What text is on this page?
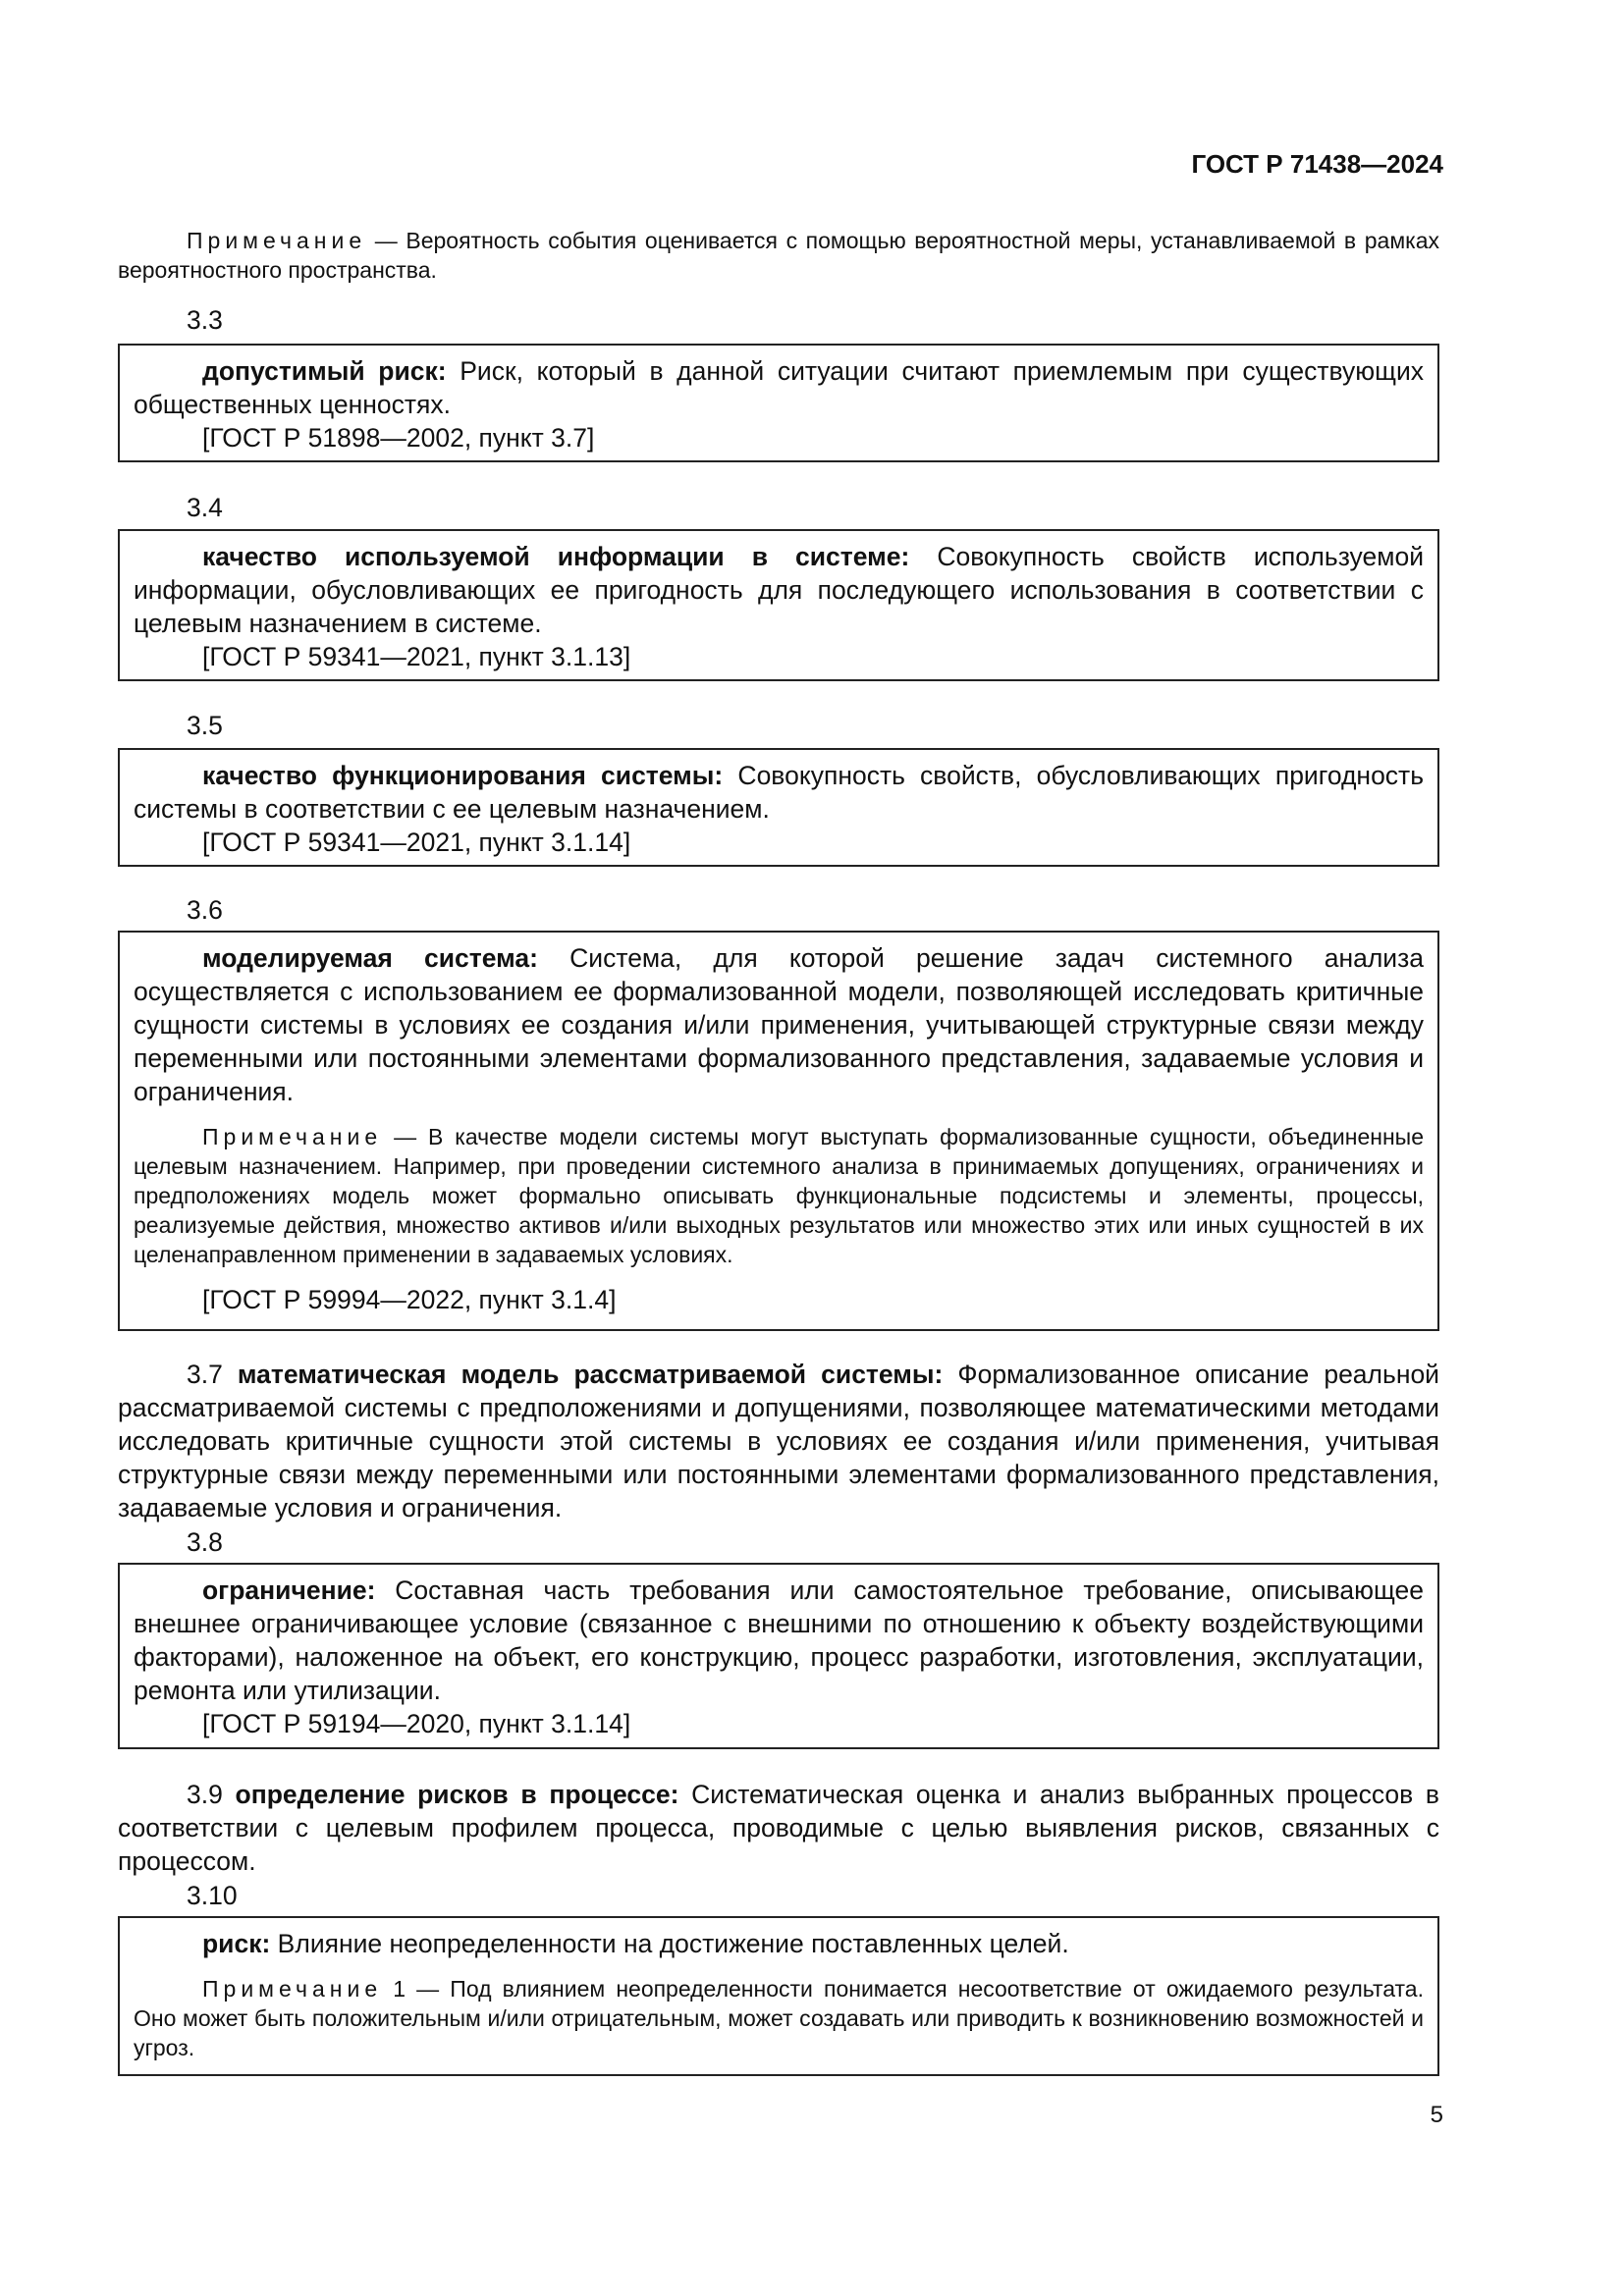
ГОСТ Р 71438—2024

Примечание — Вероятность события оценивается с помощью вероятностной меры, устанавливаемой в рамках вероятностного пространства.

3.3

допустимый риск: Риск, который в данной ситуации считают приемлемым при существующих общественных ценностях.

[ГОСТ Р 51898—2002, пункт 3.7]

3.4

качество используемой информации в системе: Совокупность свойств используемой информации, обусловливающих ее пригодность для последующего использования в соответствии с целевым назначением в системе.

[ГОСТ Р 59341—2021, пункт 3.1.13]

3.5

качество функционирования системы: Совокупность свойств, обусловливающих пригодность системы в соответствии с ее целевым назначением.

[ГОСТ Р 59341—2021, пункт 3.1.14]

3.6

моделируемая система: Система, для которой решение задач системного анализа осуществляется с использованием ее формализованной модели, позволяющей исследовать критичные сущности системы в условиях ее создания и/или применения, учитывающей структурные связи между переменными или постоянными элементами формализованного представления, задаваемые условия и ограничения.

Примечание — В качестве модели системы могут выступать формализованные сущности, объединенные целевым назначением. Например, при проведении системного анализа в принимаемых допущениях, ограничениях и предположениях модель может формально описывать функциональные подсистемы и элементы, процессы, реализуемые действия, множество активов и/или выходных результатов или множество этих или иных сущностей в их целенаправленном применении в задаваемых условиях.

[ГОСТ Р 59994—2022, пункт 3.1.4]

3.7 математическая модель рассматриваемой системы: Формализованное описание реальной рассматриваемой системы с предположениями и допущениями, позволяющее математическими методами исследовать критичные сущности этой системы в условиях ее создания и/или применения, учитывая структурные связи между переменными или постоянными элементами формализованного представления, задаваемые условия и ограничения.

3.8

ограничение: Составная часть требования или самостоятельное требование, описывающее внешнее ограничивающее условие (связанное с внешними по отношению к объекту воздействующими факторами), наложенное на объект, его конструкцию, процесс разработки, изготовления, эксплуатации, ремонта или утилизации.

[ГОСТ Р 59194—2020, пункт 3.1.14]

3.9 определение рисков в процессе: Систематическая оценка и анализ выбранных процессов в соответствии с целевым профилем процесса, проводимые с целью выявления рисков, связанных с процессом.

3.10

риск: Влияние неопределенности на достижение поставленных целей.

Примечание 1 — Под влиянием неопределенности понимается несоответствие от ожидаемого результата. Оно может быть положительным и/или отрицательным, может создавать или приводить к возникновению возможностей и угроз.

5
